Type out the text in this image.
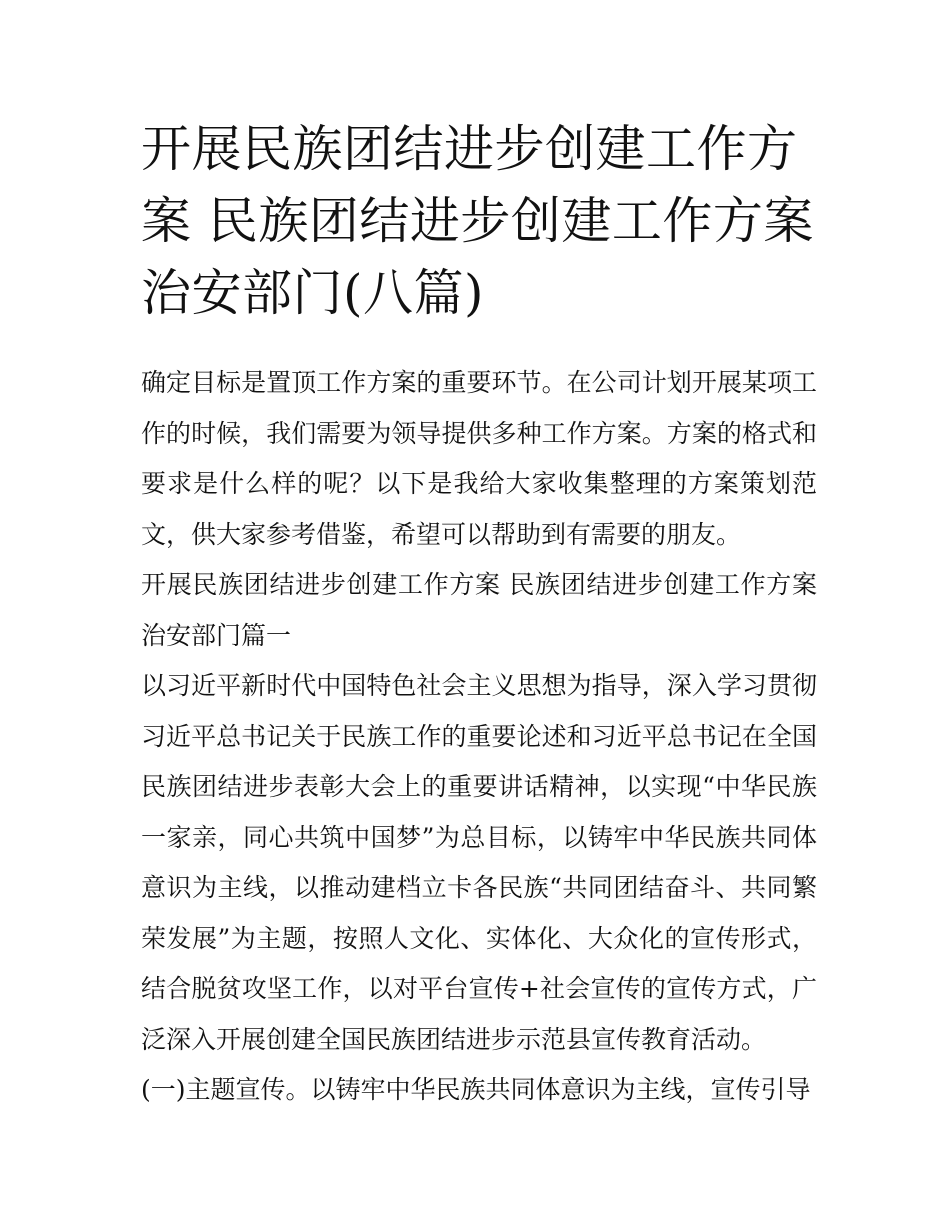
开展民族团结进步创建工作方案 民族团结进步创建工作方案治安部门(八篇)

确定目标是置顶工作方案的重要环节。在公司计划开展某项工作的时候，我们需要为领导提供多种工作方案。方案的格式和要求是什么样的呢？以下是我给大家收集整理的方案策划范文，供大家参考借鉴，希望可以帮助到有需要的朋友。

开展民族团结进步创建工作方案 民族团结进步创建工作方案治安部门篇一

以习近平新时代中国特色社会主义思想为指导，深入学习贯彻习近平总书记关于民族工作的重要论述和习近平总书记在全国民族团结进步表彰大会上的重要讲话精神，以实现“中华民族一家亲，同心共筑中国梦”为总目标，以铸牢中华民族共同体意识为主线，以推动建档立卡各民族“共同团结奋斗、共同繁荣发展”为主题，按照人文化、实体化、大众化的宣传形式，结合脱贫攻坚工作，以对平台宣传+社会宣传的宣传方式，广泛深入开展创建全国民族团结进步示范县宣传教育活动。

(一)主题宣传。以铸牢中华民族共同体意识为主线，宣传引导
